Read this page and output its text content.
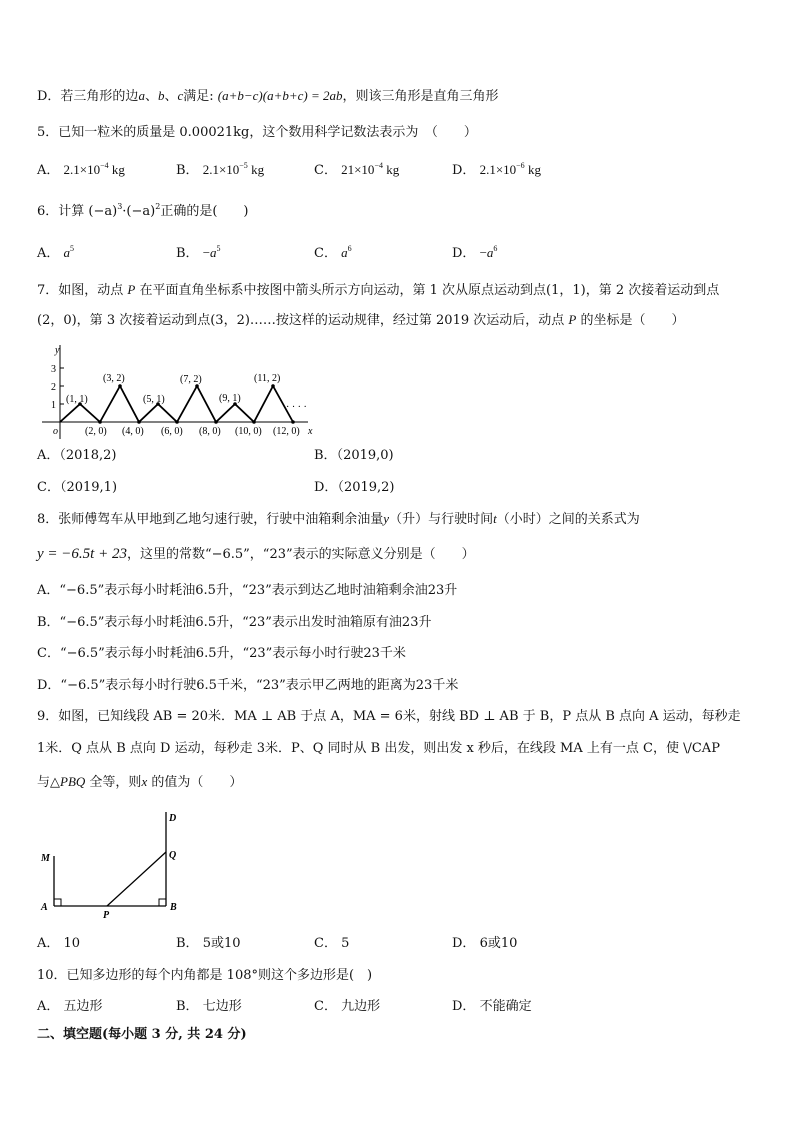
D．若三角形的边a、b、c满足: (a+b−c)(a+b+c) = 2ab，则该三角形是直角三角形
5．已知一粒米的质量是 0.00021kg，这个数用科学记数法表示为　（　　）
A． $2.1\times 10^{-4}$ kg	B． $2.1\times 10^{-5}$ kg	C． $21\times 10^{-4}$ kg	D． $2.1\times 10^{-6}$ kg
6．计算 $(-a)^3\cdot(-a)^2$正确的是(　　)
A． $a^5$	B． $-a^5$	C． $a^6$	D． $-a^6$
7．如图，动点 P 在平面直角坐标系中按图中箭头所示方向运动，第 1 次从原点运动到点(1，1)，第 2 次接着运动到点
(2，0)，第 3 次接着运动到点(3，2)……按这样的运动规律，经过第 2019 次运动后，动点 P 的坐标是（　　）
1
2
3
y
x
o
(1, 1)
(3, 2)
(5, 1)
(7, 2)
(9, 1)
(11, 2)
(2, 0) (4, 0) (6, 0) (8, 0) (10, 0) (12, 0)
· · · ·
A．（2018,2)	B．（2019,0)
C．（2019,1)	D．（2019,2)
8．张师傅驾车从甲地到乙地匀速行驶，行驶中油箱剩余油量y（升）与行驶时间t（小时）之间的关系式为
y = −6.5t + 23，这里的常数“−6.5”，“23”表示的实际意义分别是（　　）
A．“−6.5”表示每小时耗油6.5升，“23”表示到达乙地时油箱剩余油23升
B．“−6.5”表示每小时耗油6.5升，“23”表示出发时油箱原有油23升
C．“−6.5”表示每小时耗油6.5升，“23”表示每小时行驶23千米
D．“−6.5”表示每小时行驶6.5千米，“23”表示甲乙两地的距离为23千米
9．如图，已知线段 AB = 20米．MA ⊥ AB 于点 A，MA = 6米，射线 BD ⊥ AB 于 B，P 点从 B 点向 A 运动，每秒走
1米．Q 点从 B 点向 D 运动，每秒走 3米．P、Q 同时从 B 出发，则出发 x 秒后，在线段 MA 上有一点 C，使 \/CAP
与△PBQ 全等，则x 的值为（　　）
M
A
P
B
Q
D
A． 10	B． 5或10	C． 5	D． 6或10
10．已知多边形的每个内角都是 108°则这个多边形是(　)
A． 五边形	B． 七边形	C． 九边形	D． 不能确定
二、填空题(每小题 3 分, 共 24 分)
